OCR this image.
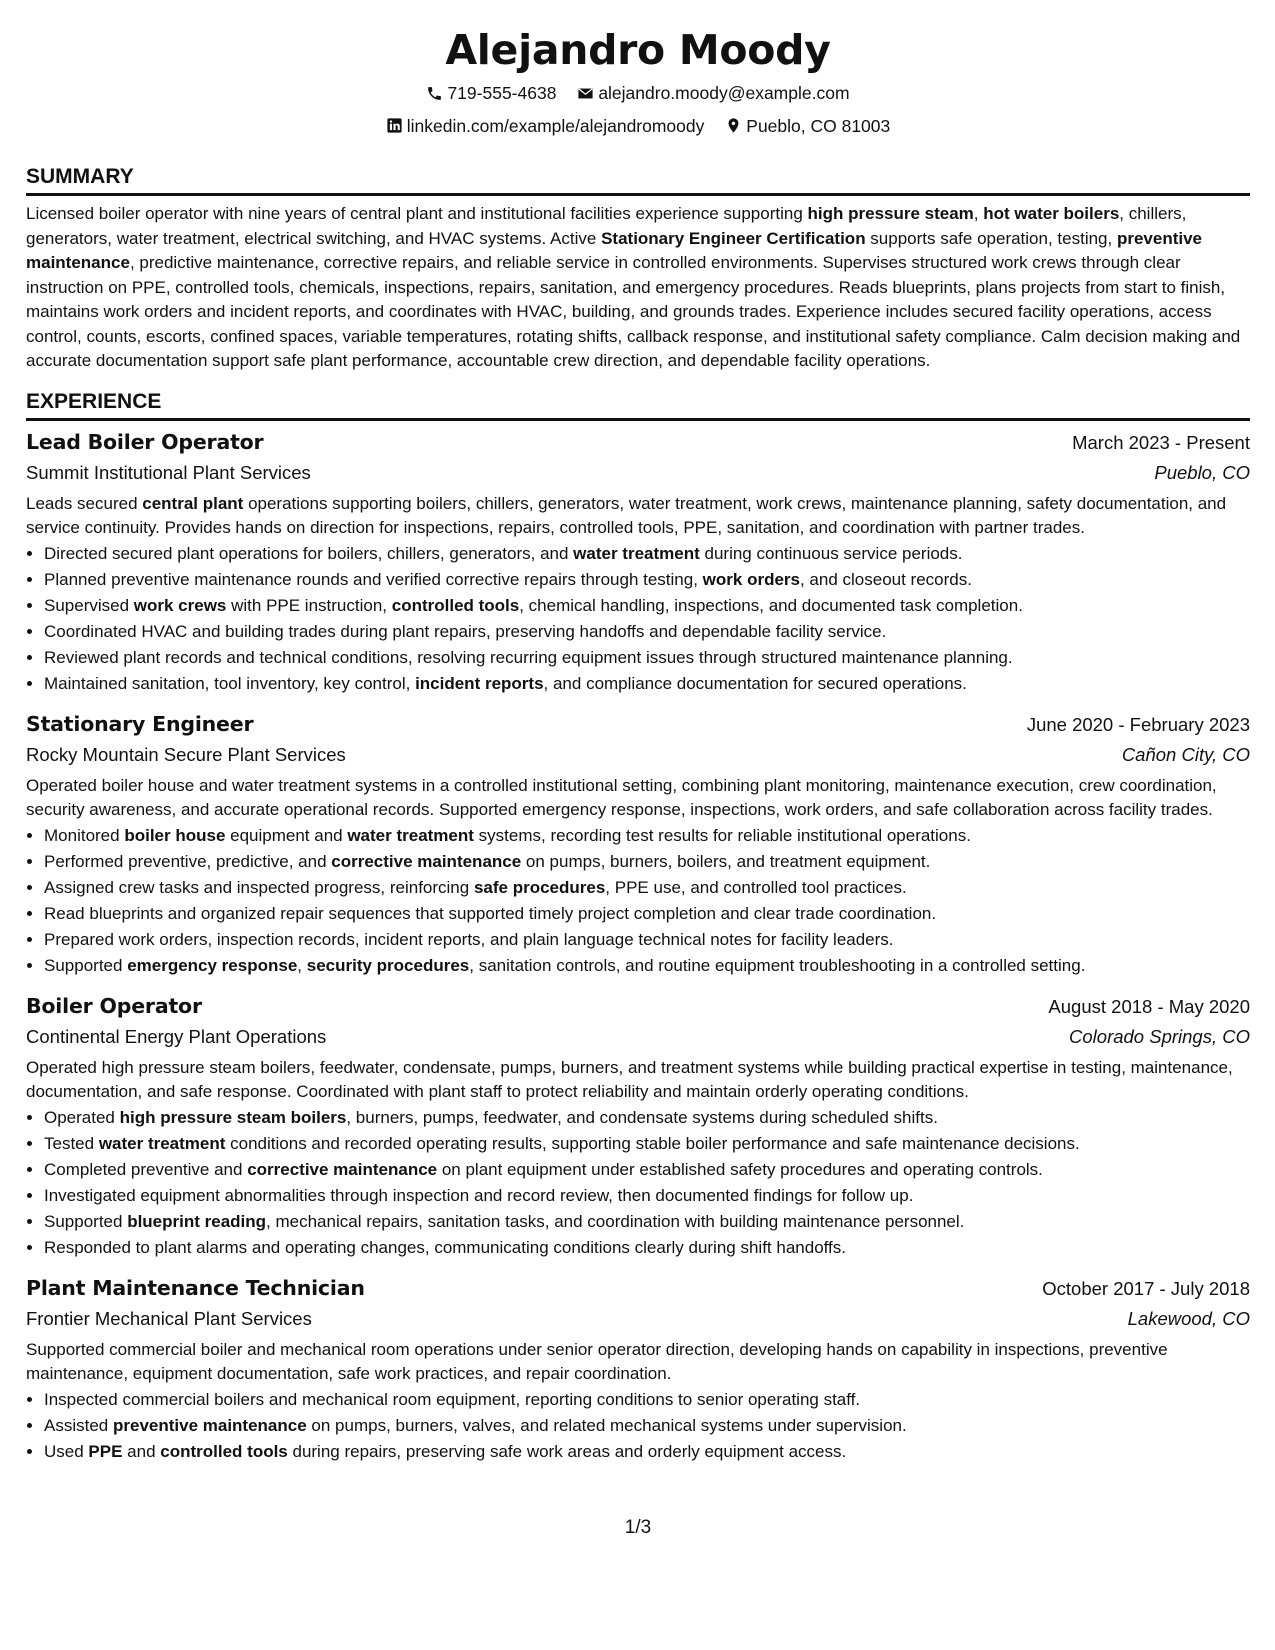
Alejandro Moody
719-555-4638
alejandro.moody@example.com
linkedin.com/example/alejandromoody
Pueblo, CO 81003
SUMMARY

Licensed boiler operator with nine years of central plant and institutional facilities experience supporting high pressure steam, hot water boilers, chillers, generators, water treatment, electrical switching, and HVAC systems. Active Stationary Engineer Certification supports safe operation, testing, preventive maintenance, predictive maintenance, corrective repairs, and reliable service in controlled environments. Supervises structured work crews through clear instruction on PPE, controlled tools, chemicals, inspections, repairs, sanitation, and emergency procedures. Reads blueprints, plans projects from start to finish, maintains work orders and incident reports, and coordinates with HVAC, building, and grounds trades. Experience includes secured facility operations, access control, counts, escorts, confined spaces, variable temperatures, rotating shifts, callback response, and institutional safety compliance. Calm decision making and accurate documentation support safe plant performance, accountable crew direction, and dependable facility operations.

EXPERIENCE
Lead Boiler Operator	March 2023 - Present
Summit Institutional Plant Services	Pueblo, CO

Leads secured central plant operations supporting boilers, chillers, generators, water treatment, work crews, maintenance planning, safety documentation, and service continuity. Provides hands on direction for inspections, repairs, controlled tools, PPE, sanitation, and coordination with partner trades.

• Directed secured plant operations for boilers, chillers, generators, and water treatment during continuous service periods.
• Planned preventive maintenance rounds and verified corrective repairs through testing, work orders, and closeout records.
• Supervised work crews with PPE instruction, controlled tools, chemical handling, inspections, and documented task completion.
• Coordinated HVAC and building trades during plant repairs, preserving handoffs and dependable facility service.
• Reviewed plant records and technical conditions, resolving recurring equipment issues through structured maintenance planning.
• Maintained sanitation, tool inventory, key control, incident reports, and compliance documentation for secured operations.
Stationary Engineer	June 2020 - February 2023
Rocky Mountain Secure Plant Services	Cañon City, CO

Operated boiler house and water treatment systems in a controlled institutional setting, combining plant monitoring, maintenance execution, crew coordination, security awareness, and accurate operational records. Supported emergency response, inspections, work orders, and safe collaboration across facility trades.

• Monitored boiler house equipment and water treatment systems, recording test results for reliable institutional operations.
• Performed preventive, predictive, and corrective maintenance on pumps, burners, boilers, and treatment equipment.
• Assigned crew tasks and inspected progress, reinforcing safe procedures, PPE use, and controlled tool practices.
• Read blueprints and organized repair sequences that supported timely project completion and clear trade coordination.
• Prepared work orders, inspection records, incident reports, and plain language technical notes for facility leaders.
• Supported emergency response, security procedures, sanitation controls, and routine equipment troubleshooting in a controlled setting.
Boiler Operator	August 2018 - May 2020
Continental Energy Plant Operations	Colorado Springs, CO

Operated high pressure steam boilers, feedwater, condensate, pumps, burners, and treatment systems while building practical expertise in testing, maintenance, documentation, and safe response. Coordinated with plant staff to protect reliability and maintain orderly operating conditions.

• Operated high pressure steam boilers, burners, pumps, feedwater, and condensate systems during scheduled shifts.
• Tested water treatment conditions and recorded operating results, supporting stable boiler performance and safe maintenance decisions.
• Completed preventive and corrective maintenance on plant equipment under established safety procedures and operating controls.
• Investigated equipment abnormalities through inspection and record review, then documented findings for follow up.
• Supported blueprint reading, mechanical repairs, sanitation tasks, and coordination with building maintenance personnel.
• Responded to plant alarms and operating changes, communicating conditions clearly during shift handoffs.
Plant Maintenance Technician	October 2017 - July 2018
Frontier Mechanical Plant Services	Lakewood, CO

Supported commercial boiler and mechanical room operations under senior operator direction, developing hands on capability in inspections, preventive maintenance, equipment documentation, safe work practices, and repair coordination.

• Inspected commercial boilers and mechanical room equipment, reporting conditions to senior operating staff.
• Assisted preventive maintenance on pumps, burners, valves, and related mechanical systems under supervision.
• Used PPE and controlled tools during repairs, preserving safe work areas and orderly equipment access.
1/3
